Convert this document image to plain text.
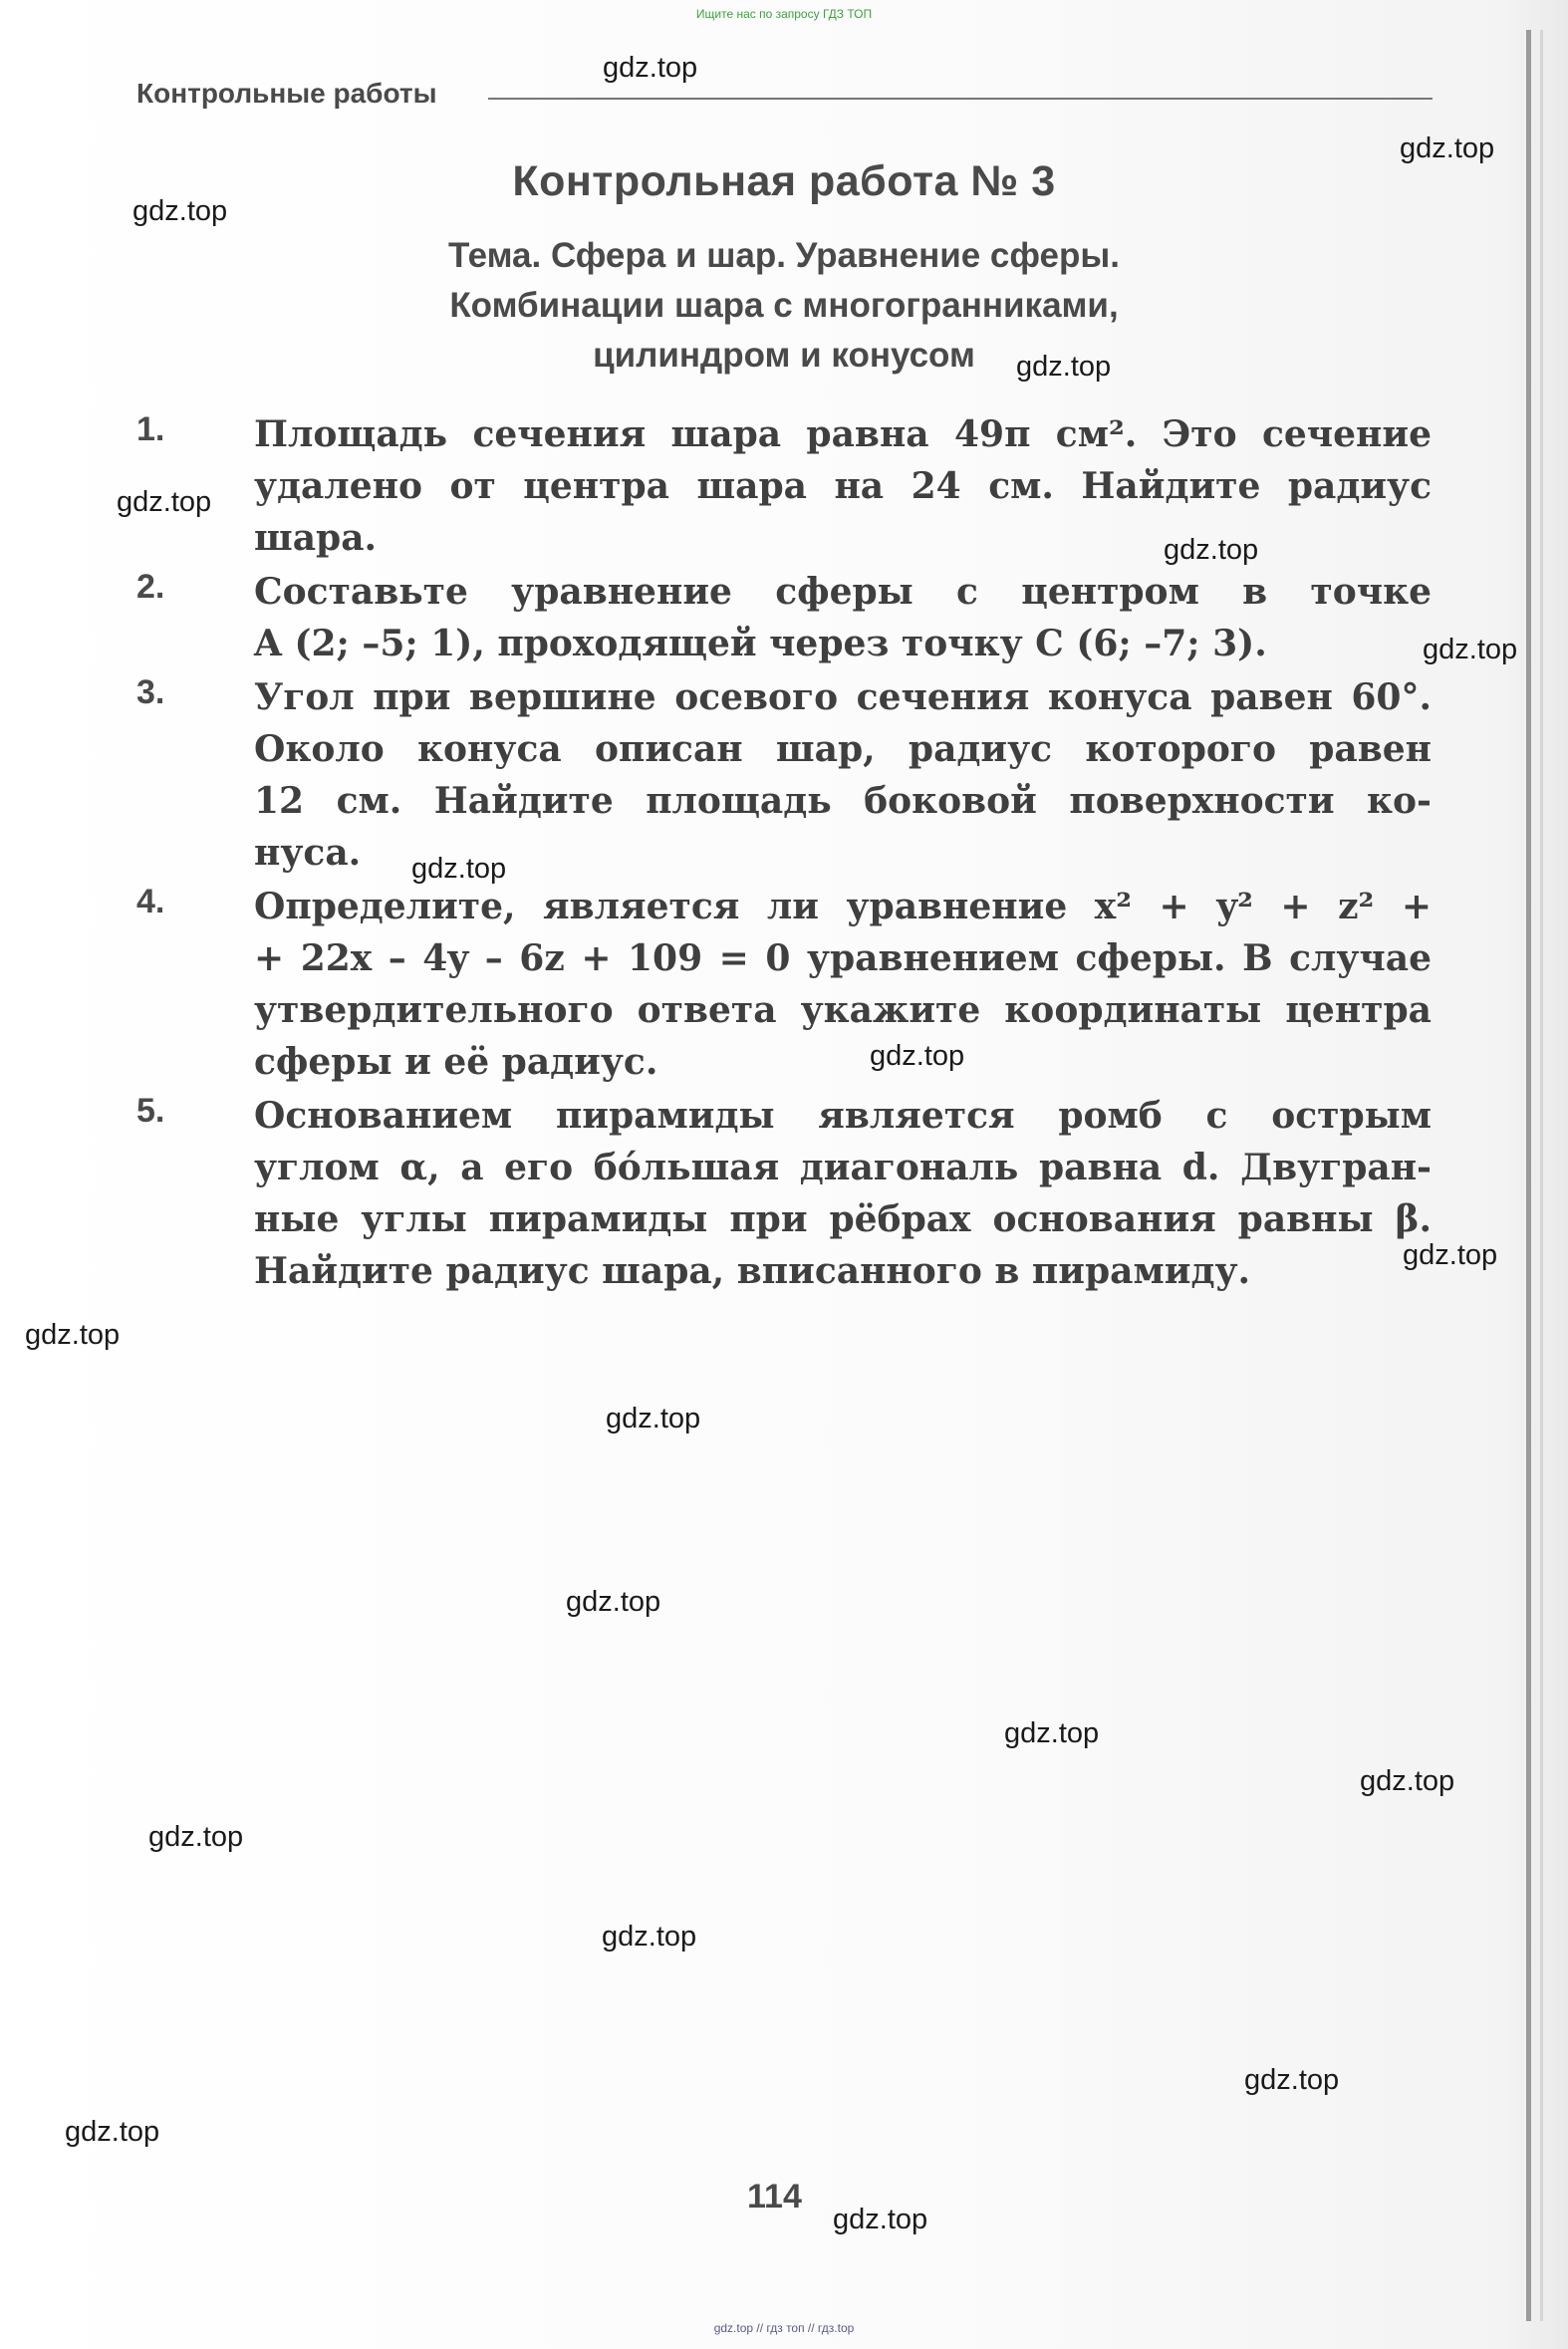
Ищите нас по запросу ГДЗ ТОП
Контрольные работы
Контрольная работа № 3
Тема. Сфера и шар. Уравнение сферы.
Комбинации шара с многогранниками,
цилиндром и конусом
1. Площадь сечения шара равна 49π см². Это сечение
удалено от центра шара на 24 см. Найдите радиус
шара.
2. Составьте уравнение сферы с центром в точке
A (2; –5; 1), проходящей через точку C (6; –7; 3).
3. Угол при вершине осевого сечения конуса равен 60°.
Около конуса описан шар, радиус которого равен
12 см. Найдите площадь боковой поверхности ко-
нуса.
4. Определите, является ли уравнение x² + y² + z² +
+ 22x – 4y – 6z + 109 = 0 уравнением сферы. В случае
утвердительного ответа укажите координаты центра
сферы и её радиус.
5. Основанием пирамиды является ромб с острым
углом α, а его бóльшая диагональ равна d. Двугран-
ные углы пирамиды при рёбрах основания равны β.
Найдите радиус шара, вписанного в пирамиду.
114
gdz.top
gdz.top
gdz.top
gdz.top
gdz.top
gdz.top
gdz.top
gdz.top
gdz.top
gdz.top
gdz.top
gdz.top
gdz.top
gdz.top
gdz.top
gdz.top
gdz.top
gdz.top
gdz.top
gdz.top
gdz.top // гдз топ // гдз.top
